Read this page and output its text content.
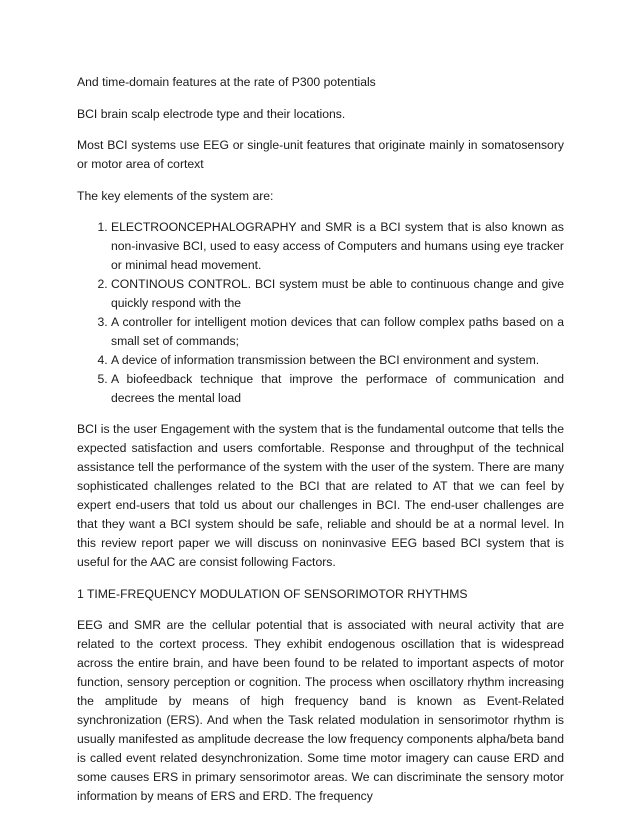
And time-domain features at the rate of P300 potentials

BCI brain scalp electrode type and their locations.

Most BCI systems use EEG or single-unit features that originate mainly in somatosensory or motor area of cortext

The key elements of the system are:

1. ELECTROONCEPHALOGRAPHY and SMR is a BCI system that is also known as non-invasive BCI, used to easy access of Computers and humans using eye tracker or minimal head movement.
2. CONTINOUS CONTROL. BCI system must be able to continuous change and give quickly respond with the
3. A controller for intelligent motion devices that can follow complex paths based on a small set of commands;
4. A device of information transmission between the BCI environment and system.
5. A biofeedback technique that improve the performace of communication and decrees the mental load

BCI is the user Engagement with the system that is the fundamental outcome that tells the expected satisfaction and users comfortable. Response and throughput of the technical assistance tell the performance of the system with the user of the system. There are many sophisticated challenges related to the BCI that are related to AT that we can feel by expert end-users that told us about our challenges in BCI. The end-user challenges are that they want a BCI system should be safe, reliable and should be at a normal level. In this review report paper we will discuss on noninvasive EEG based BCI system that is useful for the AAC are consist following Factors.

1 TIME-FREQUENCY MODULATION OF SENSORIMOTOR RHYTHMS

EEG and SMR are the cellular potential that is associated with neural activity that are related to the cortext process. They exhibit endogenous oscillation that is widespread across the entire brain, and have been found to be related to important aspects of motor function, sensory perception or cognition. The process when oscillatory rhythm increasing the amplitude by means of high frequency band is known as Event-Related synchronization (ERS). And when the Task related modulation in sensorimotor rhythm is usually manifested as amplitude decrease the low frequency components alpha/beta band is called event related desynchronization. Some time motor imagery can cause ERD and some causes ERS in primary sensorimotor areas. We can discriminate the sensory motor information by means of ERS and ERD. The frequency
